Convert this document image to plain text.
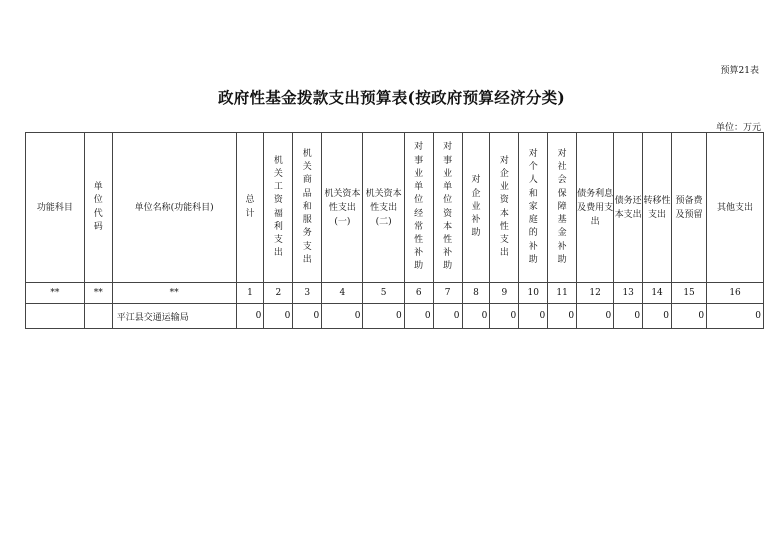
预算21表
政府性基金拨款支出预算表(按政府预算经济分类)
单位：万元
功能科目	单位代码	单位名称(功能科目)	总计	机关工资福利支出	机关商品和服务支出	机关资本性支出(一)	机关资本性支出(二)	对事业单位经常性补助	对事业单位资本性补助	对企业补助	对企业资本性支出	对个人和家庭的补助	对社会保障基金补助	债务利息及费用支出	债务还本支出	转移性支出	预备费及预留	其他支出
**	**	**	1	2	3	4	5	6	7	8	9	10	11	12	13	14	15	16
		平江县交通运输局	0	0	0	0	0	0	0	0	0	0	0	0	0	0	0	0
